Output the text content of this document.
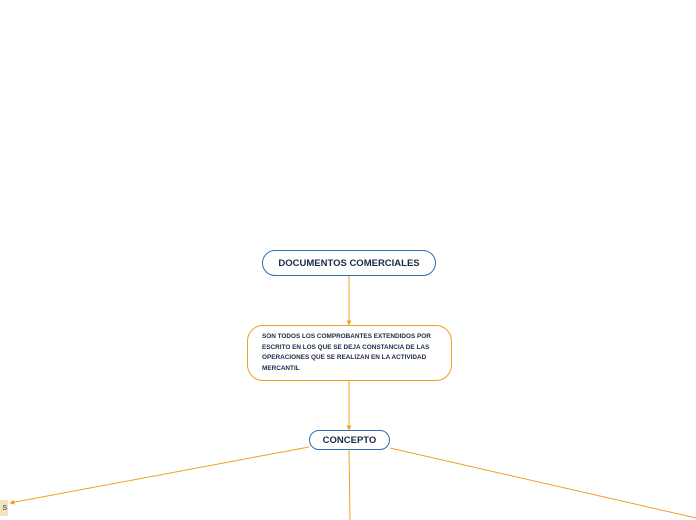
DOCUMENTOS COMERCIALES
SON TODOS LOS COMPROBANTES EXTENDIDOS POR ESCRITO EN LOS QUE SE DEJA CONSTANCIA DE LAS OPERACIONES QUE SE REALIZAN EN LA ACTIVIDAD MERCANTIL
CONCEPTO
S
